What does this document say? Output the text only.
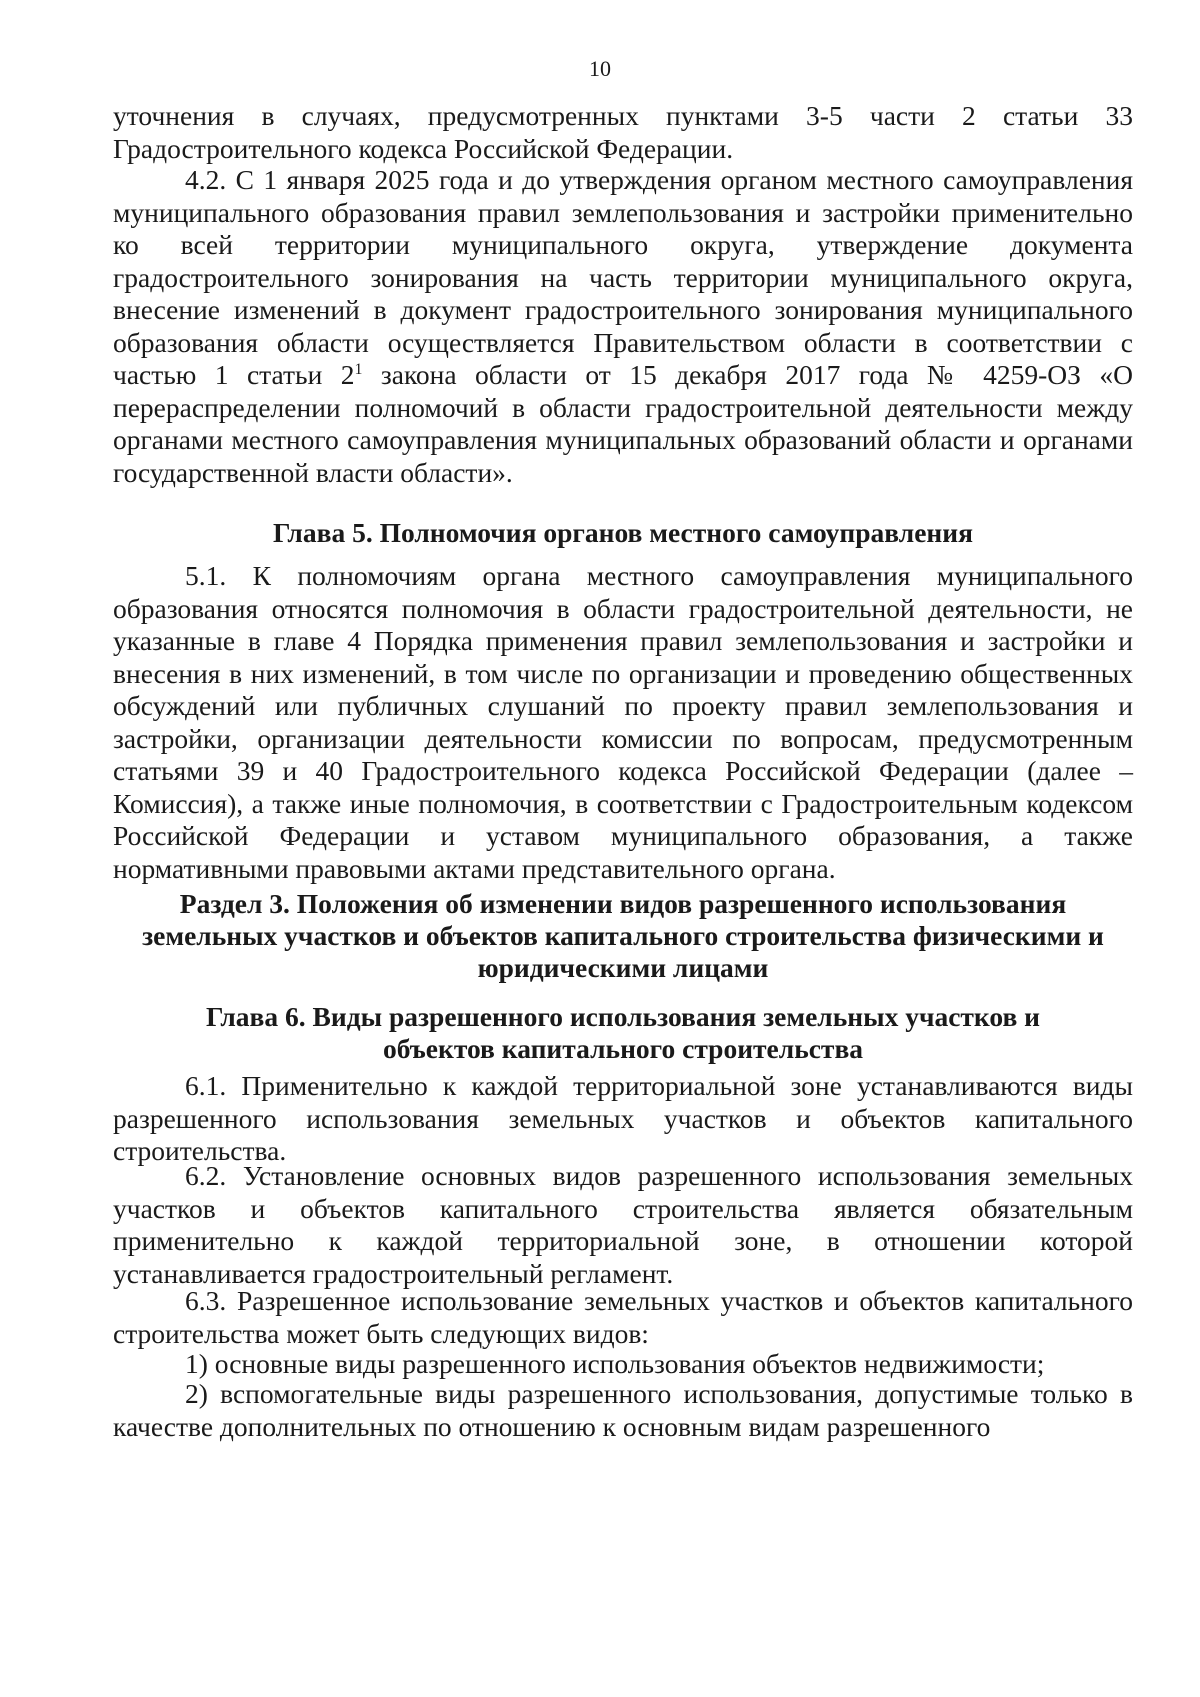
10

уточнения в случаях, предусмотренных пунктами 3-5 части 2 статьи 33 Градостроительного кодекса Российской Федерации.

4.2. С 1 января 2025 года и до утверждения органом местного самоуправления муниципального образования правил землепользования и застройки применительно ко всей территории муниципального округа, утверждение документа градостроительного зонирования на часть территории муниципального округа, внесение изменений в документ градостроительного зонирования муниципального образования области осуществляется Правительством области в соответствии с частью 1 статьи $2^1$ закона области от 15 декабря 2017 года № 4259-ОЗ «О перераспределении полномочий в области градостроительной деятельности между органами местного самоуправления муниципальных образований области и органами государственной власти области».

Глава 5. Полномочия органов местного самоуправления

5.1. К полномочиям органа местного самоуправления муниципального образования относятся полномочия в области градостроительной деятельности, не указанные в главе 4 Порядка применения правил землепользования и застройки и внесения в них изменений, в том числе по организации и проведению общественных обсуждений или публичных слушаний по проекту правил землепользования и застройки, организации деятельности комиссии по вопросам, предусмотренным статьями 39 и 40 Градостроительного кодекса Российской Федерации (далее – Комиссия), а также иные полномочия, в соответствии с Градостроительным кодексом Российской Федерации и уставом муниципального образования, а также нормативными правовыми актами представительного органа.

Раздел 3. Положения об изменении видов разрешенного использования земельных участков и объектов капитального строительства физическими и юридическими лицами
Глава 6. Виды разрешенного использования земельных участков и объектов капитального строительства

6.1. Применительно к каждой территориальной зоне устанавливаются виды разрешенного использования земельных участков и объектов капитального строительства.

6.2. Установление основных видов разрешенного использования земельных участков и объектов капитального строительства является обязательным применительно к каждой территориальной зоне, в отношении которой устанавливается градостроительный регламент.

6.3. Разрешенное использование земельных участков и объектов капитального строительства может быть следующих видов:

1) основные виды разрешенного использования объектов недвижимости;

2) вспомогательные виды разрешенного использования, допустимые только в качестве дополнительных по отношению к основным видам разрешенного
